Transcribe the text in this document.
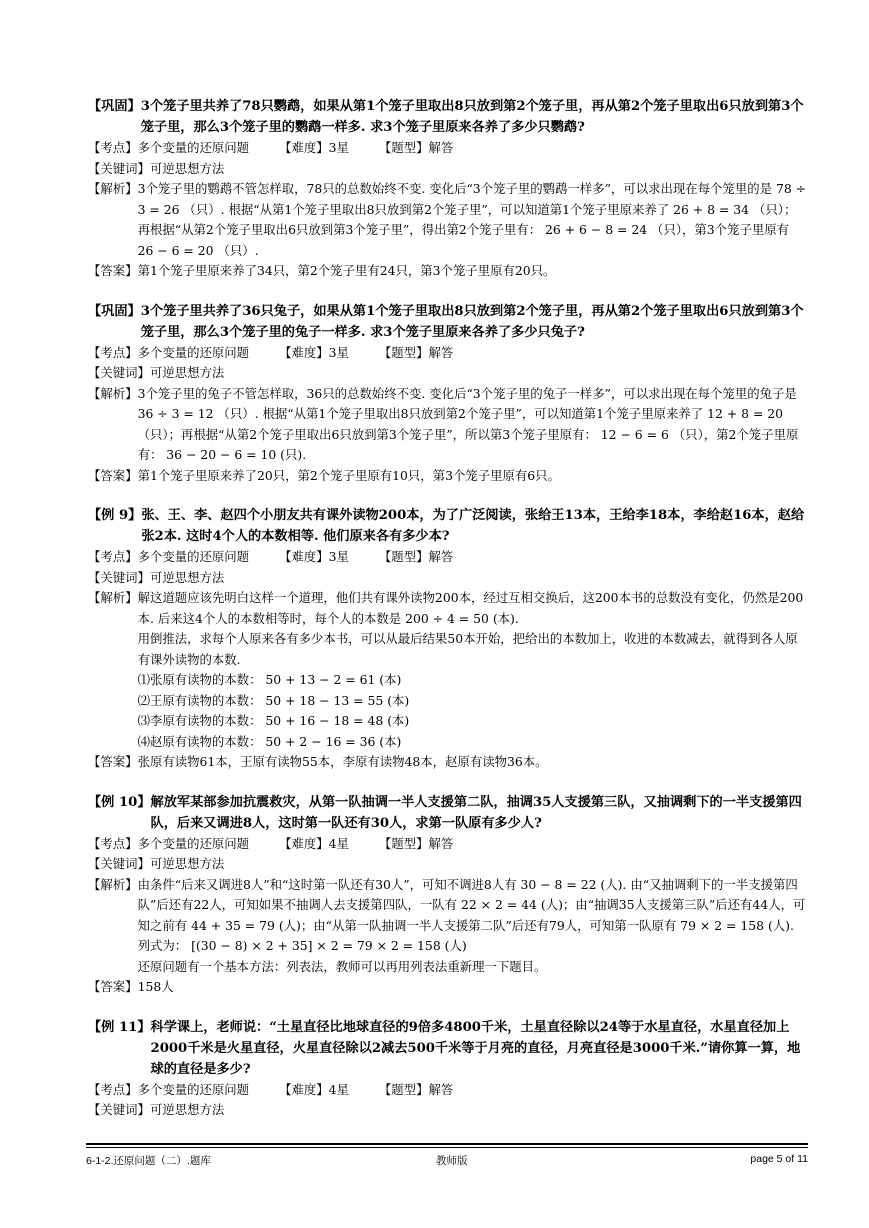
【巩固】 3个笼子里共养了78只鹦鹉，如果从第1个笼子里取出8只放到第2个笼子里，再从第2个笼子里取出6只放到第3个笼子里，那么3个笼子里的鹦鹉一样多. 求3个笼子里原来各养了多少只鹦鹉?
【考点】 多个变量的还原问题 【难度】 3星 【题型】 解答
【关键词】 可逆思想方法
【解析】 3个笼子里的鹦鹉不管怎样取，78只的总数始终不变. 变化后“3个笼子里的鹦鹉一样多”，可以求出现在每个笼里的是 78 ÷ 3 = 26 （只）. 根据“从第1个笼子里取出8只放到第2个笼子里”，可以知道第1个笼子里原来养了 26 + 8 = 34 （只）；再根据“从第2个笼子里取出6只放到第3个笼子里”，得出第2个笼子里有： 26 + 6 − 8 = 24 （只），第3个笼子里原有 26 − 6 = 20 （只）.
【答案】 第1个笼子里原来养了34只，第2个笼子里有24只，第3个笼子里原有20只。
【巩固】 3个笼子里共养了36只兔子，如果从第1个笼子里取出8只放到第2个笼子里，再从第2个笼子里取出6只放到第3个笼子里，那么3个笼子里的兔子一样多. 求3个笼子里原来各养了多少只兔子?
【考点】 多个变量的还原问题 【难度】 3星 【题型】 解答
【关键词】 可逆思想方法
【解析】 3个笼子里的兔子不管怎样取，36只的总数始终不变. 变化后“3个笼子里的兔子一样多”，可以求出现在每个笼里的兔子是 36 ÷ 3 = 12 （只）. 根据“从第1个笼子里取出8只放到第2个笼子里”，可以知道第1个笼子里原来养了 12 + 8 = 20 （只）；再根据“从第2个笼子里取出6只放到第3个笼子里”，所以第3个笼子里原有： 12 − 6 = 6 （只），第2个笼子里原有： 36 − 20 − 6 = 10 (只).
【答案】 第1个笼子里原来养了20只，第2个笼子里原有10只，第3个笼子里原有6只。
【例 9】 张、王、李、赵四个小朋友共有课外读物200本，为了广泛阅读，张给王13本，王给李18本，李给赵16本，赵给张2本. 这时4个人的本数相等. 他们原来各有多少本?
【考点】 多个变量的还原问题 【难度】 3星 【题型】 解答
【关键词】 可逆思想方法
【解析】 解这道题应该先明白这样一个道理，他们共有课外读物200本，经过互相交换后，这200本书的总数没有变化，仍然是200本. 后来这4个人的本数相等时，每个人的本数是 200 ÷ 4 = 50 (本).
用倒推法，求每个人原来各有多少本书，可以从最后结果50本开始，把给出的本数加上，收进的本数减去，就得到各人原有课外读物的本数.
⑴张原有读物的本数： 50 + 13 − 2 = 61 (本)
⑵王原有读物的本数： 50 + 18 − 13 = 55 (本)
⑶李原有读物的本数： 50 + 16 − 18 = 48 (本)
⑷赵原有读物的本数： 50 + 2 − 16 = 36 (本)
【答案】 张原有读物61本，王原有读物55本，李原有读物48本，赵原有读物36本。
【例 10】 解放军某部参加抗震救灾，从第一队抽调一半人支援第二队，抽调35人支援第三队，又抽调剩下的一半支援第四队，后来又调进8人，这时第一队还有30人，求第一队原有多少人?
【考点】 多个变量的还原问题 【难度】 4星 【题型】 解答
【关键词】 可逆思想方法
【解析】 由条件“后来又调进8人”和“这时第一队还有30人”，可知不调进8人有 30 − 8 = 22 (人). 由“又抽调剩下的一半支援第四队”后还有22人，可知如果不抽调人去支援第四队，一队有 22 × 2 = 44 (人)；由“抽调35人支援第三队”后还有44人，可知之前有 44 + 35 = 79 (人)；由“从第一队抽调一半人支援第二队”后还有79人，可知第一队原有 79 × 2 = 158 (人).
列式为： [(30 − 8) × 2 + 35] × 2 = 79 × 2 = 158 (人)
还原问题有一个基本方法：列表法，教师可以再用列表法重新理一下题目。
【答案】 158人
【例 11】 科学课上，老师说：“土星直径比地球直径的9倍多4800千米，土星直径除以24等于水星直径，水星直径加上2000千米是火星直径，火星直径除以2减去500千米等于月亮的直径，月亮直径是3000千米.”请你算一算，地球的直径是多少?
【考点】 多个变量的还原问题 【难度】 4星 【题型】 解答
【关键词】 可逆思想方法
6-1-2.还原问题（二）.题库	教师版	page 5 of 11
